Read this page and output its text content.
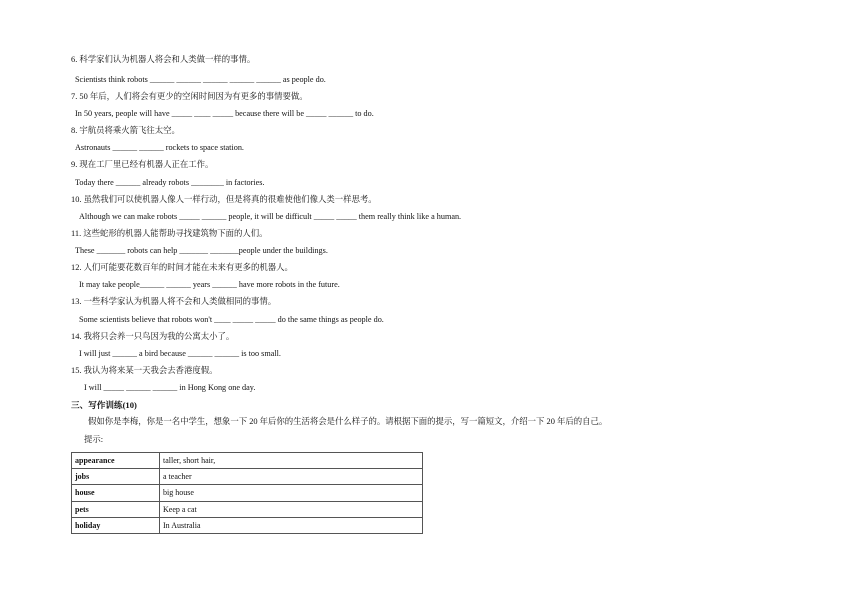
6. 科学家们认为机器人将会和人类做一样的事情。
Scientists think robots ______ ______ ______ ______ ______ as people do.
7. 50 年后，人们将会有更少的空闲时间因为有更多的事情要做。
In 50 years, people will have _____ ____ _____ because there will be _____ ______ to do.
8. 宇航员将乘火箭飞往太空。
Astronauts ______ ______ rockets to space station.
9. 现在工厂里已经有机器人正在工作。
Today there ______ already robots ________ in factories.
10. 虽然我们可以使机器人像人一样行动，但是将真的很难使他们像人类一样思考。
Although we can make robots _____ ______ people, it will be difficult _____ _____ them really think like a human.
11. 这些蛇形的机器人能帮助寻找建筑物下面的人们。
These _______ robots can help _______ _______people under the buildings.
12. 人们可能要花数百年的时间才能在未来有更多的机器人。
It may take people______ ______ years ______ have more robots in the future.
13. 一些科学家认为机器人将不会和人类做相同的事情。
Some scientists believe that robots won't ____ _____ _____ do the same things as people do.
14. 我将只会养一只鸟因为我的公寓太小了。
I will just ______ a bird because ______ ______ is too small.
15. 我认为将来某一天我会去香港度假。
I will _____ ______ ______ in Hong Kong one day.
三、写作训练(10)
假如你是李梅，你是一名中学生，想象一下 20 年后你的生活将会是什么样子的。请根据下面的提示，写一篇短文，介绍一下 20 年后的自己。
提示:
appearance	taller, short hair,
jobs	a teacher
house	big house
pets	Keep a cat
holiday	In Australia
